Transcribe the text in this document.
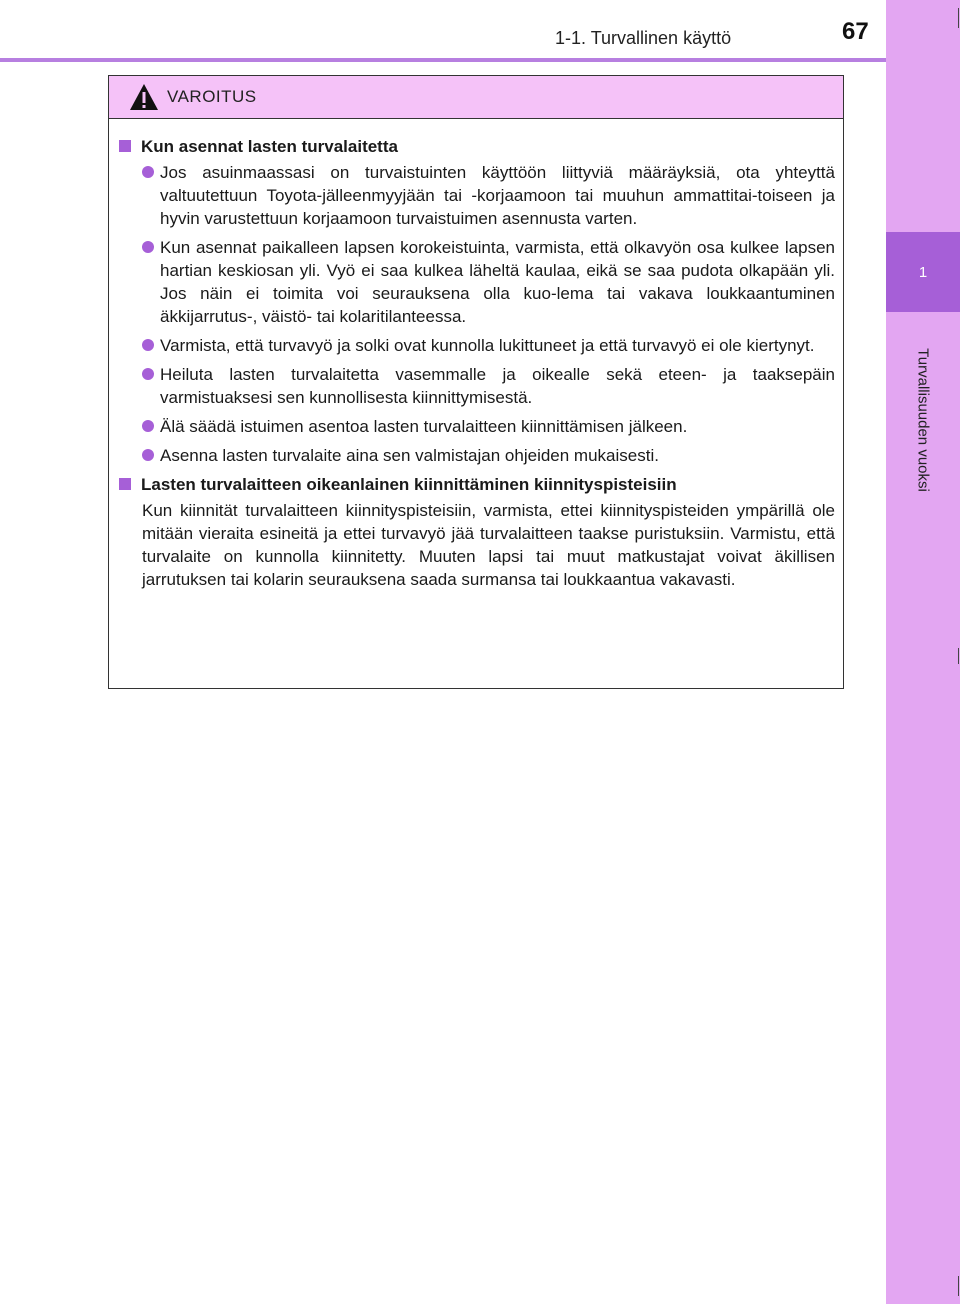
1
Turvallisuuden vuoksi
1-1. Turvallinen käyttö	67
VAROITUS
Kun asennat lasten turvalaitetta
Jos asuinmaassasi on turvaistuinten käyttöön liittyviä määräyksiä, ota yhteyttä valtuutettuun Toyota-jälleenmyyjään tai -korjaamoon tai muuhun ammattitai-toiseen ja hyvin varustettuun korjaamoon turvaistuimen asennusta varten.
Kun asennat paikalleen lapsen korokeistuinta, varmista, että olkavyön osa kulkee lapsen hartian keskiosan yli. Vyö ei saa kulkea läheltä kaulaa, eikä se saa pudota olkapään yli. Jos näin ei toimita voi seurauksena olla kuo-lema tai vakava loukkaantuminen äkkijarrutus-, väistö- tai kolaritilanteessa.
Varmista, että turvavyö ja solki ovat kunnolla lukittuneet ja että turvavyö ei ole kiertynyt.
Heiluta lasten turvalaitetta vasemmalle ja oikealle sekä eteen- ja taaksepäin varmistuaksesi sen kunnollisesta kiinnittymisestä.
Älä säädä istuimen asentoa lasten turvalaitteen kiinnittämisen jälkeen.
Asenna lasten turvalaite aina sen valmistajan ohjeiden mukaisesti.
Lasten turvalaitteen oikeanlainen kiinnittäminen kiinnityspisteisiin
Kun kiinnität turvalaitteen kiinnityspisteisiin, varmista, ettei kiinnityspisteiden ympärillä ole mitään vieraita esineitä ja ettei turvavyö jää turvalaitteen taakse puristuksiin. Varmistu, että turvalaite on kunnolla kiinnitetty. Muuten lapsi tai muut matkustajat voivat äkillisen jarrutuksen tai kolarin seurauksena saada surmansa tai loukkaantua vakavasti.
